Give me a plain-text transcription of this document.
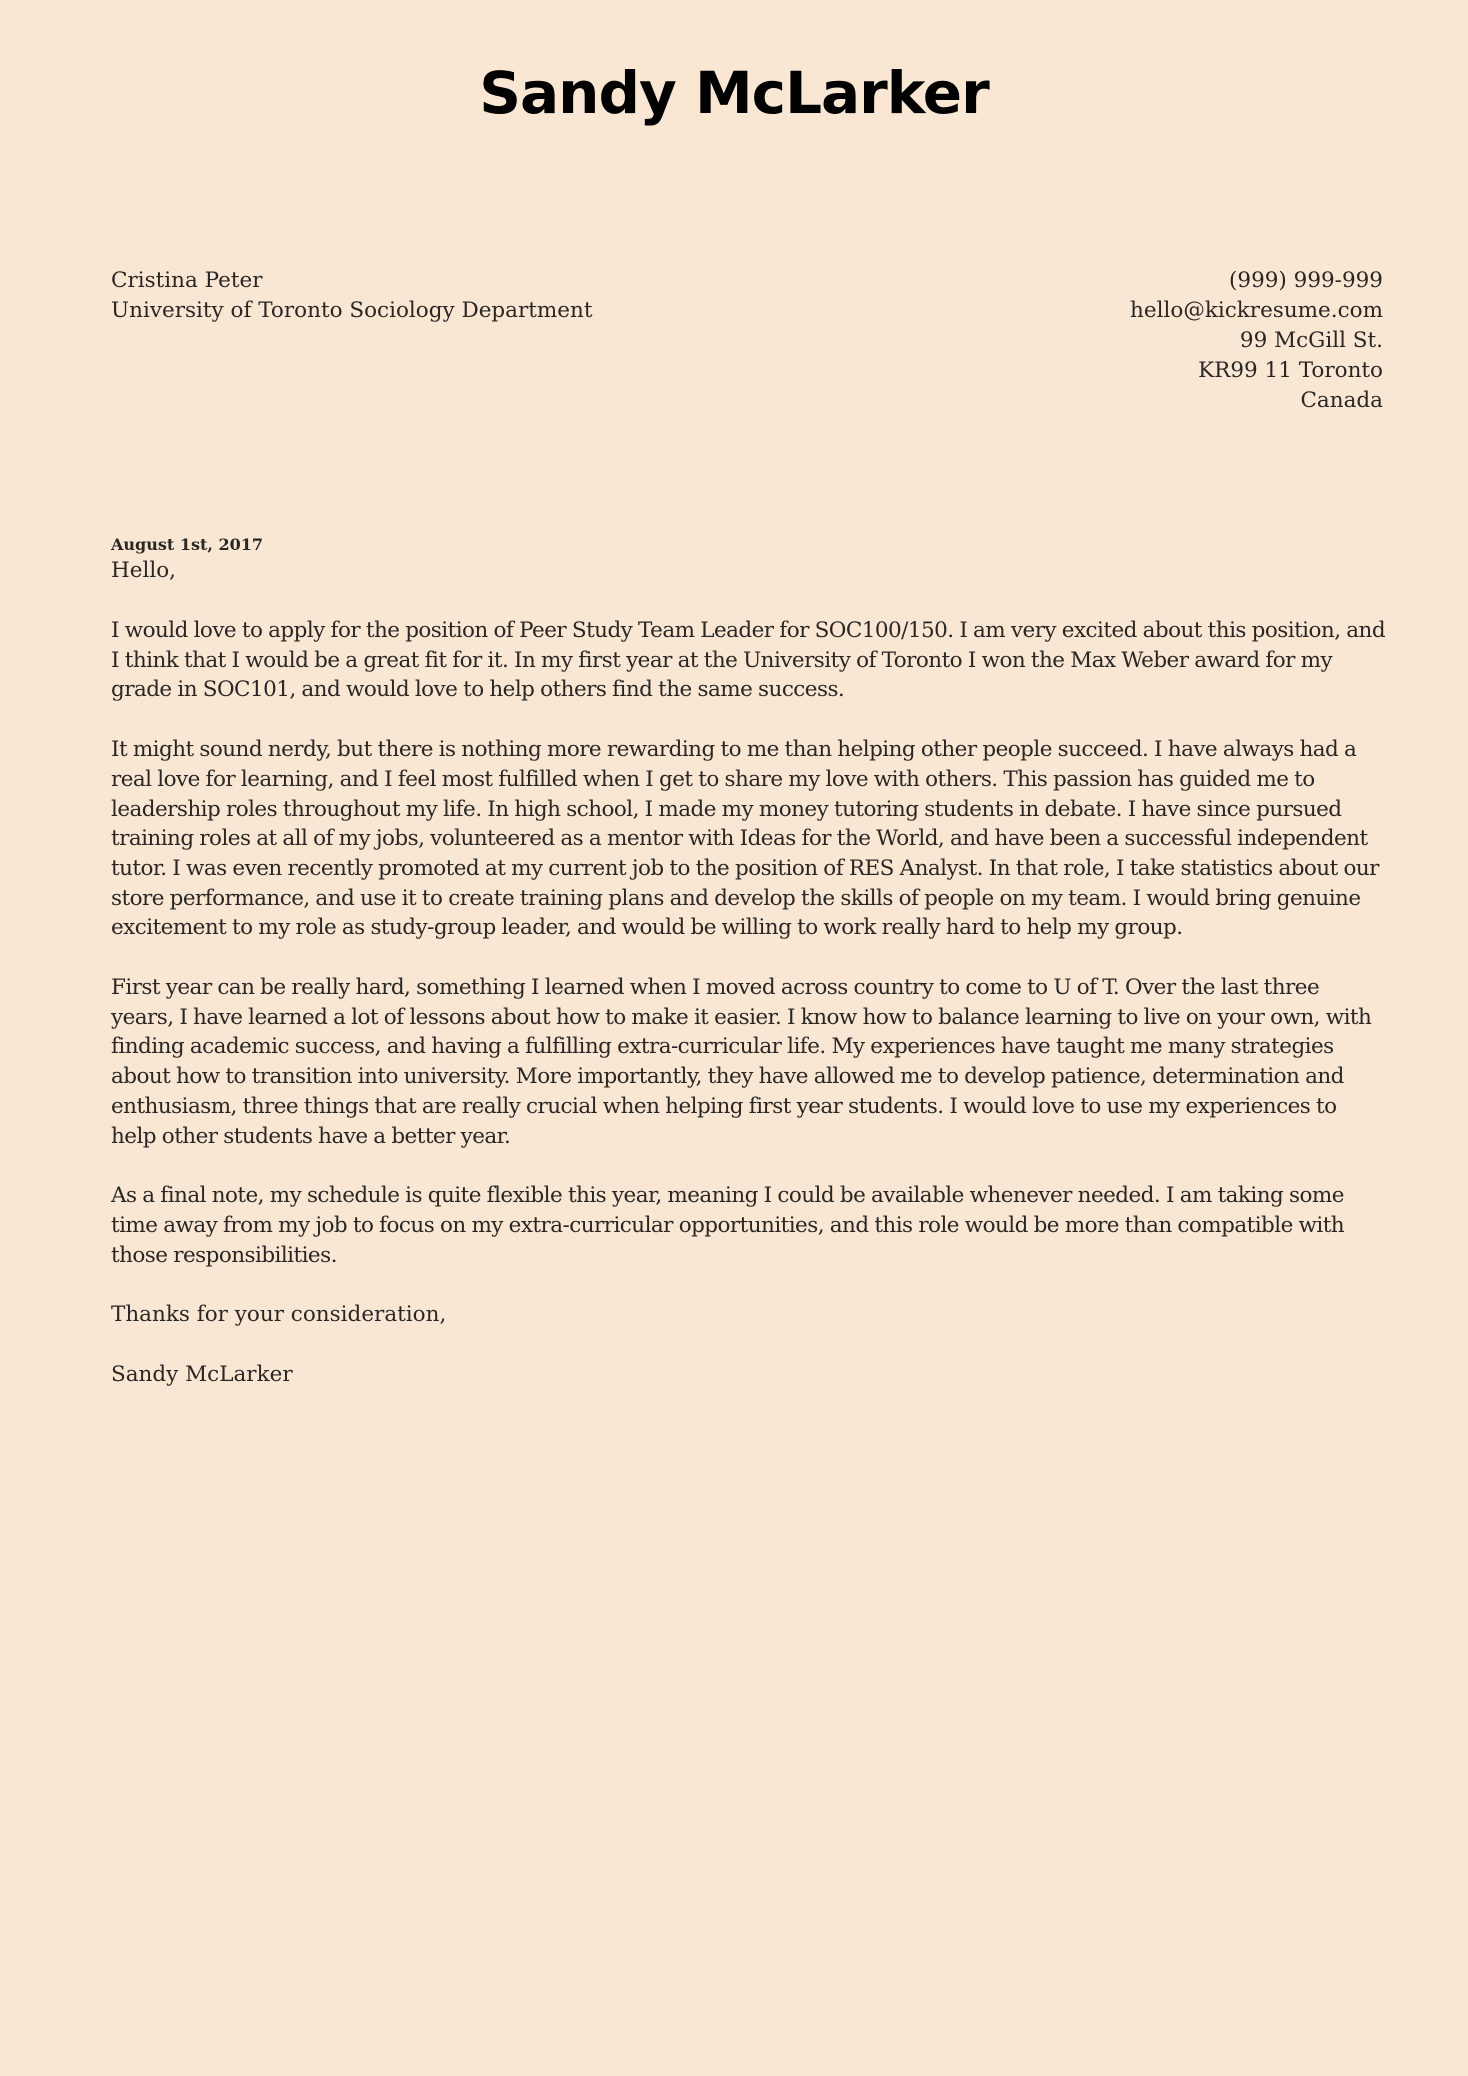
Sandy McLarker
Cristina Peter
University of Toronto Sociology Department
(999) 999-999
hello@kickresume.com
99 McGill St.
KR99 11 Toronto
Canada

August 1st, 2017

Hello,

I would love to apply for the position of Peer Study Team Leader for SOC100/150. I am very excited about this position, and I think that I would be a great fit for it. In my first year at the University of Toronto I won the Max Weber award for my grade in SOC101, and would love to help others find the same success.

It might sound nerdy, but there is nothing more rewarding to me than helping other people succeed. I have always had a real love for learning, and I feel most fulfilled when I get to share my love with others. This passion has guided me to leadership roles throughout my life. In high school, I made my money tutoring students in debate. I have since pursued training roles at all of my jobs, volunteered as a mentor with Ideas for the World, and have been a successful independent tutor. I was even recently promoted at my current job to the position of RES Analyst. In that role, I take statistics about our store performance, and use it to create training plans and develop the skills of people on my team. I would bring genuine excitement to my role as study-group leader, and would be willing to work really hard to help my group.

First year can be really hard, something I learned when I moved across country to come to U of T. Over the last three years, I have learned a lot of lessons about how to make it easier. I know how to balance learning to live on your own, with finding academic success, and having a fulfilling extra-curricular life. My experiences have taught me many strategies about how to transition into university. More importantly, they have allowed me to develop patience, determination and enthusiasm, three things that are really crucial when helping first year students. I would love to use my experiences to help other students have a better year.

As a final note, my schedule is quite flexible this year, meaning I could be available whenever needed. I am taking some time away from my job to focus on my extra-curricular opportunities, and this role would be more than compatible with those responsibilities.

Thanks for your consideration,

Sandy McLarker
